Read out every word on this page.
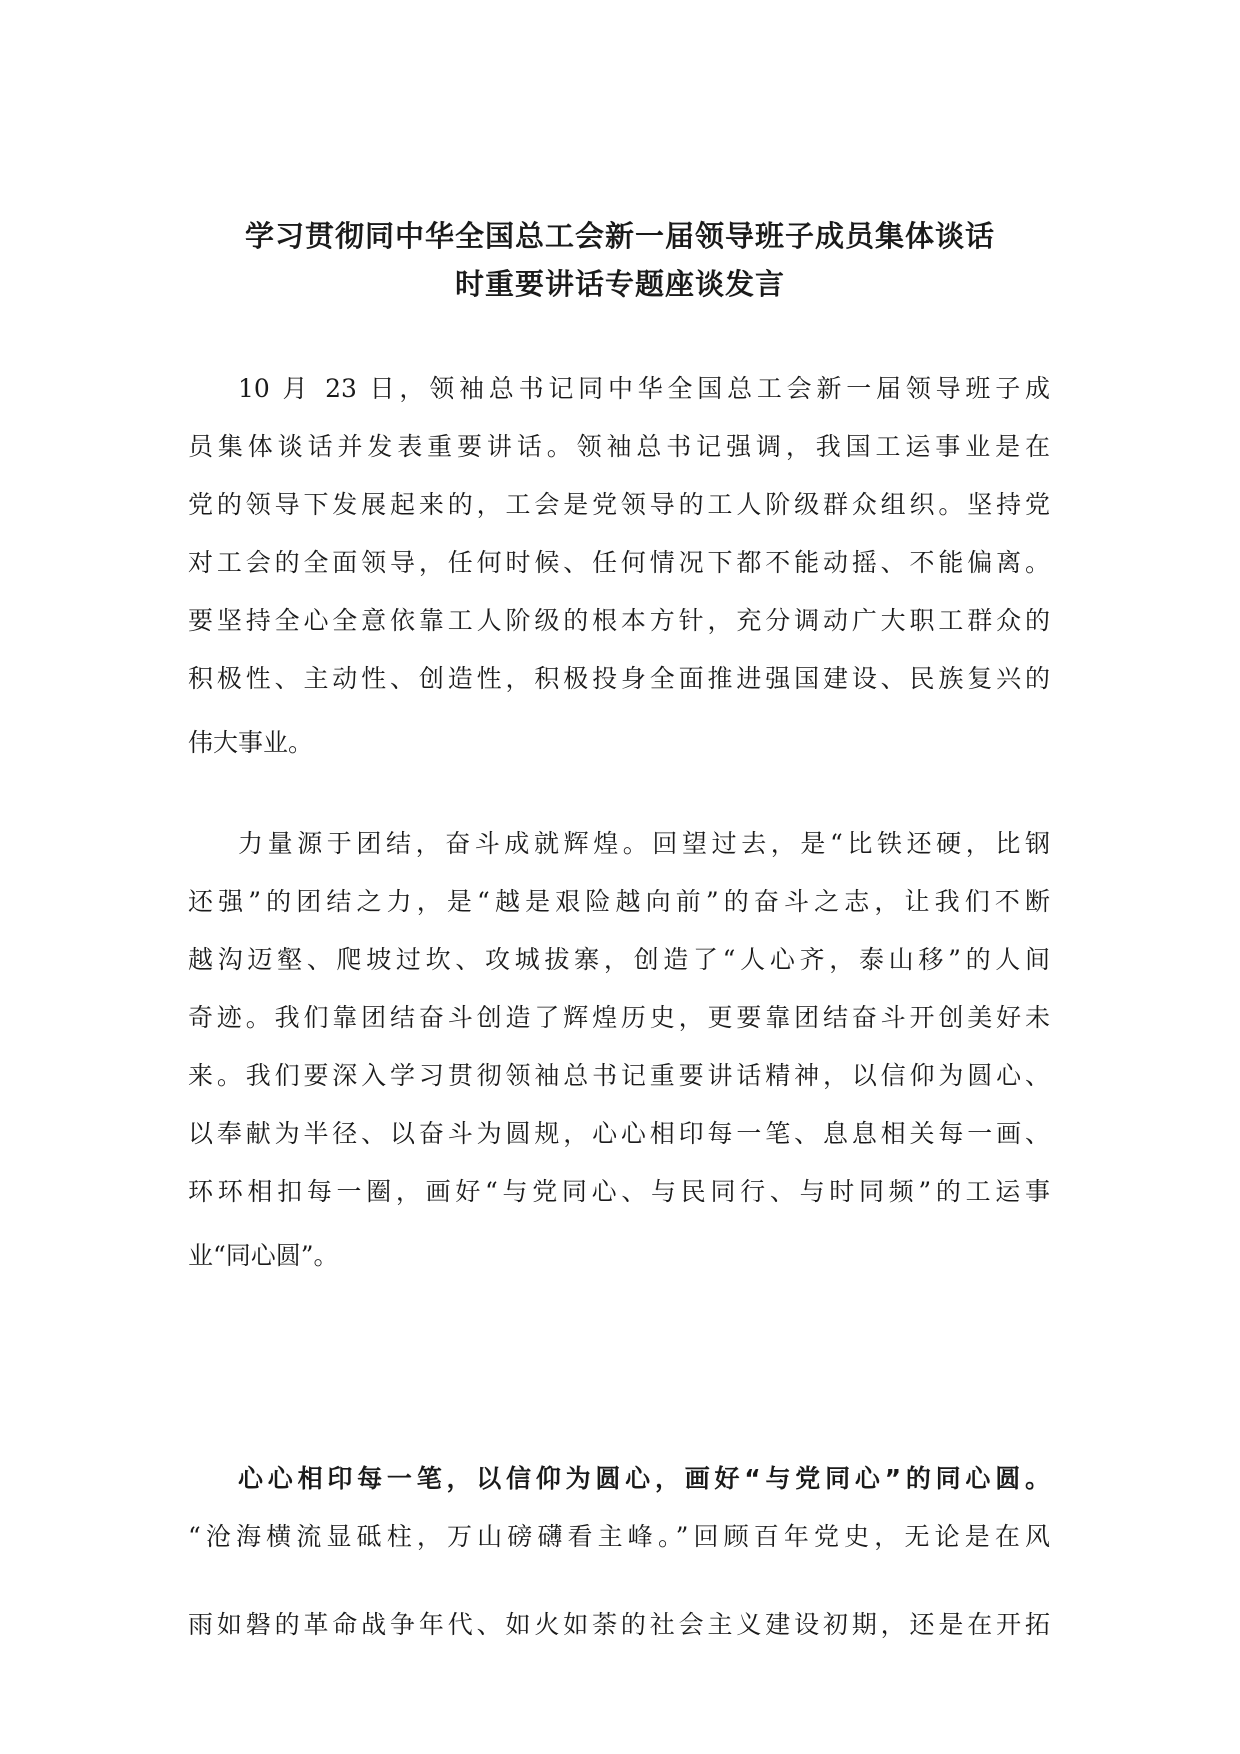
学习贯彻同中华全国总工会新一届领导班子成员集体谈话
时重要讲话专题座谈发言
10 月 23 日，领袖总书记同中华全国总工会新一届领导班子成
员集体谈话并发表重要讲话。领袖总书记强调，我国工运事业是在
党的领导下发展起来的，工会是党领导的工人阶级群众组织。坚持党
对工会的全面领导，任何时候、任何情况下都不能动摇、不能偏离。
要坚持全心全意依靠工人阶级的根本方针，充分调动广大职工群众的
积极性、主动性、创造性，积极投身全面推进强国建设、民族复兴的
伟大事业。
力量源于团结，奋斗成就辉煌。回望过去，是“比铁还硬，比钢
还强”的团结之力，是“越是艰险越向前”的奋斗之志，让我们不断
越沟迈壑、爬坡过坎、攻城拔寨，创造了“人心齐，泰山移”的人间
奇迹。我们靠团结奋斗创造了辉煌历史，更要靠团结奋斗开创美好未
来。我们要深入学习贯彻领袖总书记重要讲话精神，以信仰为圆心、
以奉献为半径、以奋斗为圆规，心心相印每一笔、息息相关每一画、
环环相扣每一圈，画好“与党同心、与民同行、与时同频”的工运事
业“同心圆”。
心心相印每一笔，以信仰为圆心，画好“与党同心”的同心圆。
“沧海横流显砥柱，万山磅礴看主峰。”回顾百年党史，无论是在风
雨如磐的革命战争年代、如火如荼的社会主义建设初期，还是在开拓
